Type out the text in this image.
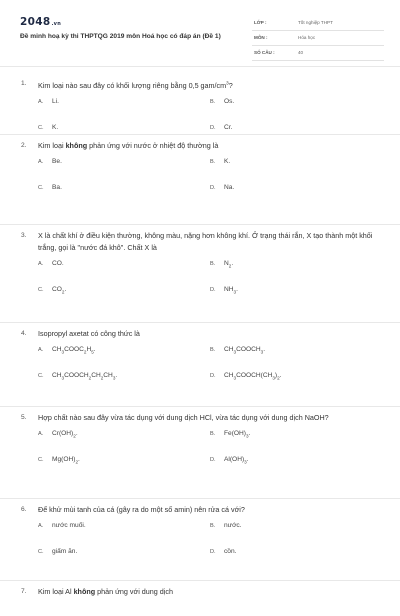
2048.vn
Đề minh hoạ kỳ thi THPTQG 2019 môn Hoá học có đáp án (Đề 1)
LỚP :	Tốt nghiệp THPT
MÔN :	Hóa học
SỐ CÂU :	40
1. Kim loại nào sau đây có khối lượng riêng bằng 0,5 gam/$cm^3$?
A. Li.	B. Os.
C. K.	D. Cr.
2. Kim loại không phản ứng với nước ở nhiệt độ thường là
A. Be.	B. K.
C. Ba.	D. Na.
3. X là chất khí ở điều kiện thường, không màu, nặng hơn không khí. Ở trạng thái rắn, X tạo thành một khối trắng, gọi là "nước đá khô". Chất X là
A. CO.	B. $N_2$.
C. $CO_2$.	D. $NH_3$.
4. Isopropyl axetat có công thức là
A. $CH_3COOC_2H_5$.	B. $CH_3COOCH_3$.
C. $CH_3COOCH_2CH_2CH_3$.	D. $CH_3COOCH(CH_3)_2$.
5. Hợp chất nào sau đây vừa tác dụng với dung dịch HCl, vừa tác dụng với dung dịch NaOH?
A. $Cr(OH)_2$.	B. $Fe(OH)_3$.
C. $Mg(OH)_2$.	D. $Al(OH)_3$.
6. Để khử mùi tanh của cá (gây ra do một số amin) nên rửa cá với?
A. nước muối.	B. nước.
C. giấm ăn.	D. cồn.
7. Kim loại Al không phản ứng với dung dịch
